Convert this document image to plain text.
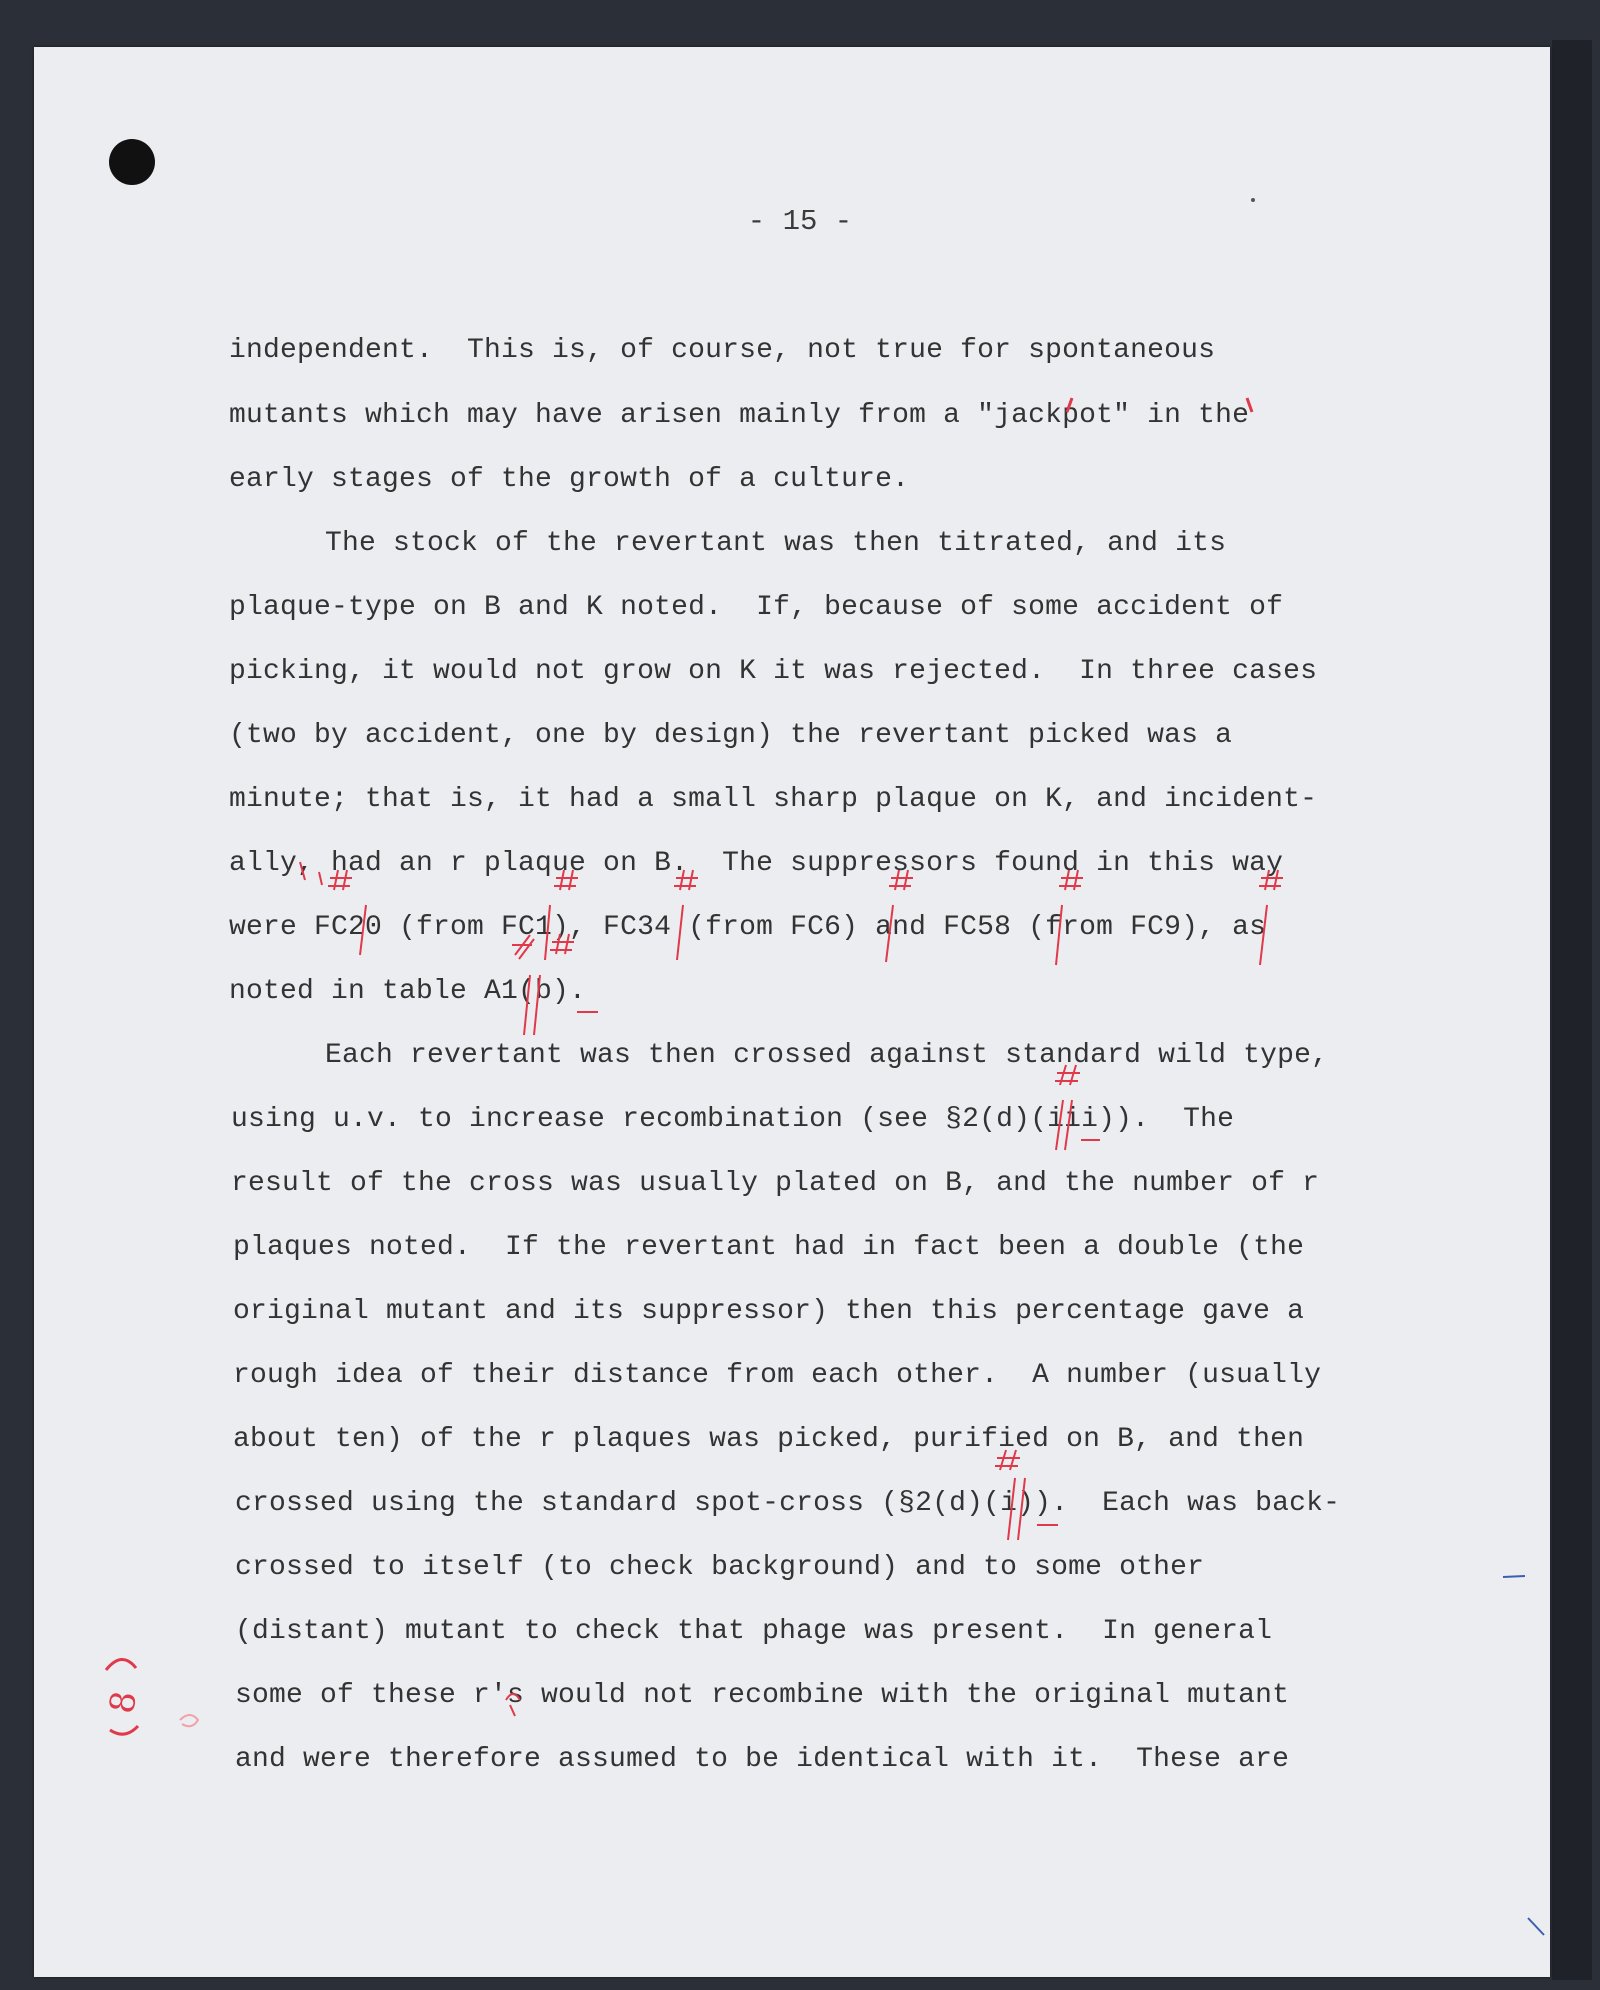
- 15 -
independent.  This is, of course, not true for spontaneous
mutants which may have arisen mainly from a "jackpot" in the
early stages of the growth of a culture.
The stock of the revertant was then titrated, and its
plaque-type on B and K noted.  If, because of some accident of
picking, it would not grow on K it was rejected.  In three cases
(two by accident, one by design) the revertant picked was a
minute; that is, it had a small sharp plaque on K, and incident-
ally, had an r plaque on B.  The suppressors found in this way
were FC20 (from FC1), FC34 (from FC6) and FC58 (from FC9), as
noted in table A1(b).
Each revertant was then crossed against standard wild type,
using u.v. to increase recombination (see §2(d)(iii)).  The
result of the cross was usually plated on B, and the number of r
plaques noted.  If the revertant had in fact been a double (the
original mutant and its suppressor) then this percentage gave a
rough idea of their distance from each other.  A number (usually
about ten) of the r plaques was picked, purified on B, and then
crossed using the standard spot-cross (§2(d)(i)).  Each was back-
crossed to itself (to check background) and to some other
(distant) mutant to check that phage was present.  In general
some of these r's would not recombine with the original mutant
and were therefore assumed to be identical with it.  These are
8
